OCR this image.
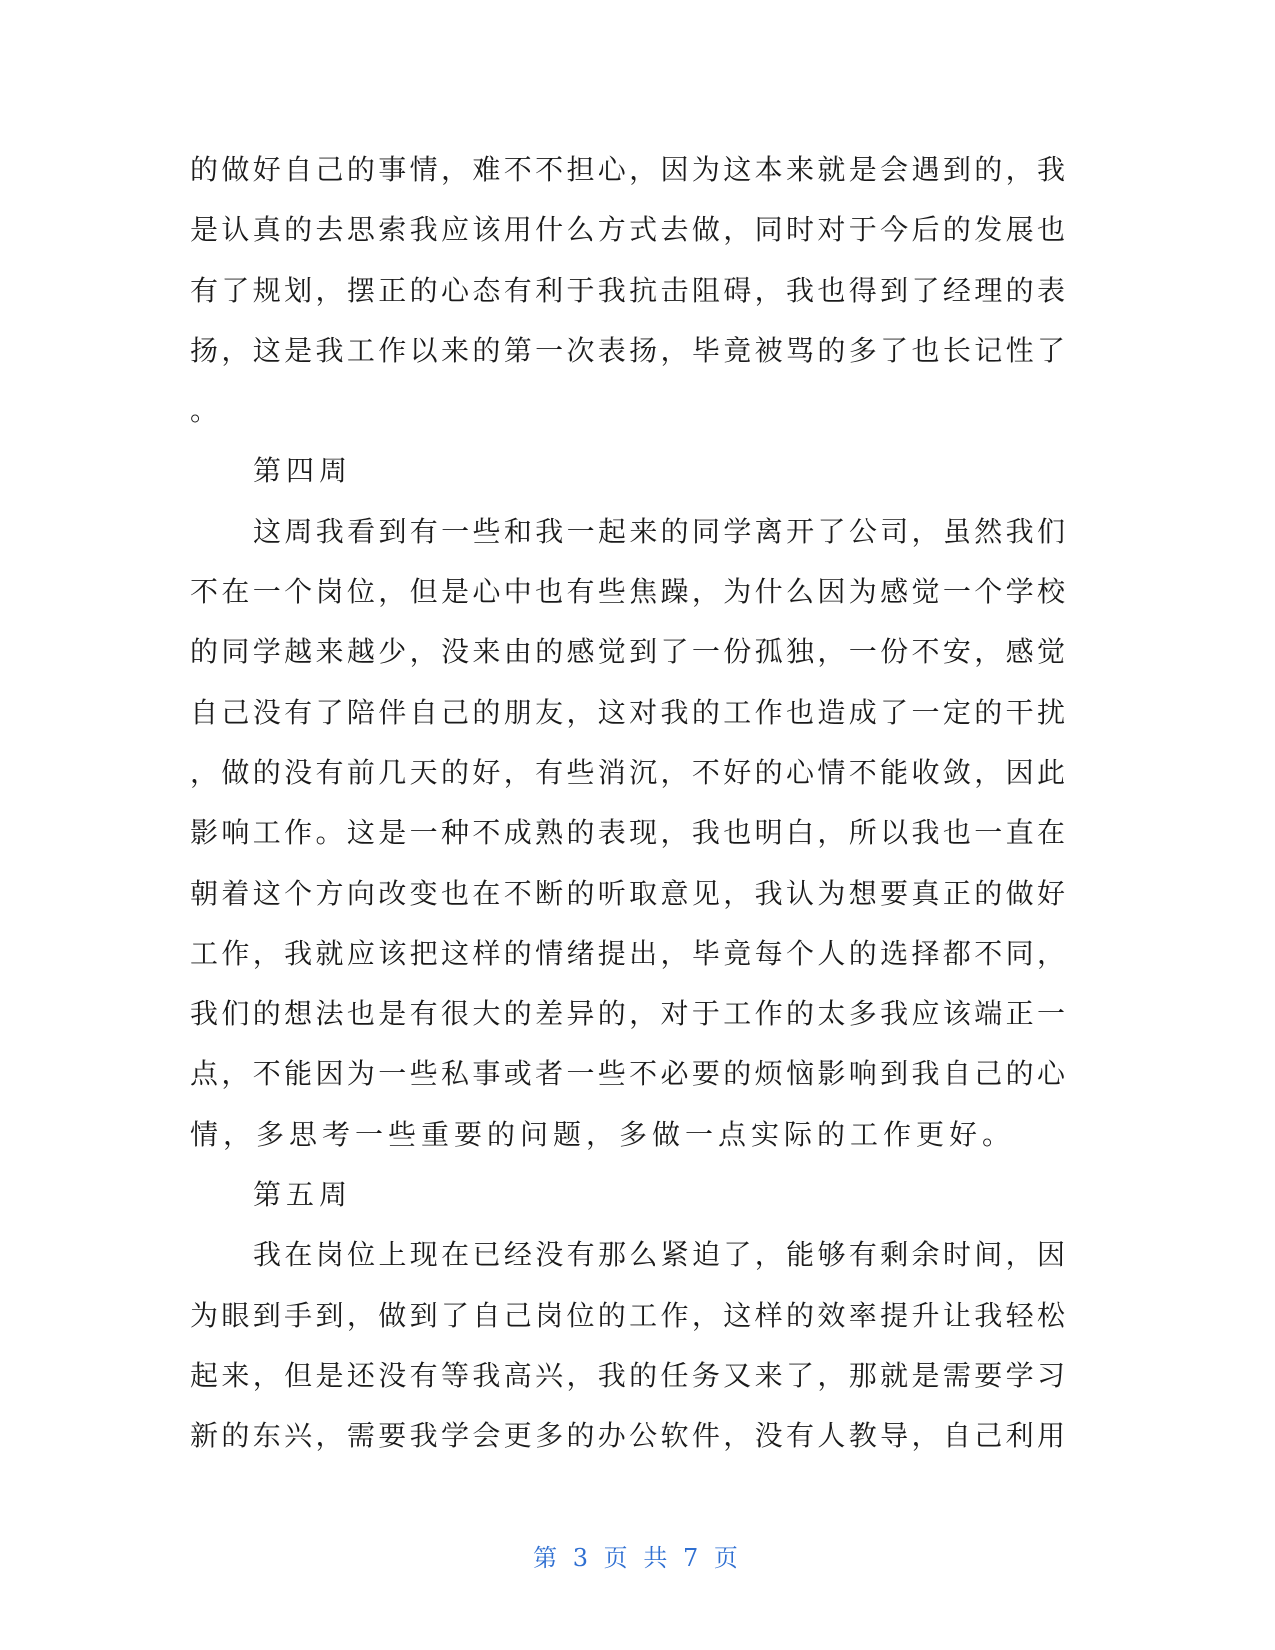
的做好自己的事情，难不不担心，因为这本来就是会遇到的，我
是认真的去思索我应该用什么方式去做，同时对于今后的发展也
有了规划，摆正的心态有利于我抗击阻碍，我也得到了经理的表
扬，这是我工作以来的第一次表扬，毕竟被骂的多了也长记性了
。
第四周
这周我看到有一些和我一起来的同学离开了公司，虽然我们
不在一个岗位，但是心中也有些焦躁，为什么因为感觉一个学校
的同学越来越少，没来由的感觉到了一份孤独，一份不安，感觉
自己没有了陪伴自己的朋友，这对我的工作也造成了一定的干扰
，做的没有前几天的好，有些消沉，不好的心情不能收敛，因此
影响工作。这是一种不成熟的表现，我也明白，所以我也一直在
朝着这个方向改变也在不断的听取意见，我认为想要真正的做好
工作，我就应该把这样的情绪提出，毕竟每个人的选择都不同，
我们的想法也是有很大的差异的，对于工作的太多我应该端正一
点，不能因为一些私事或者一些不必要的烦恼影响到我自己的心
情，多思考一些重要的问题，多做一点实际的工作更好。
第五周
我在岗位上现在已经没有那么紧迫了，能够有剩余时间，因
为眼到手到，做到了自己岗位的工作，这样的效率提升让我轻松
起来，但是还没有等我高兴，我的任务又来了，那就是需要学习
新的东兴，需要我学会更多的办公软件，没有人教导，自己利用
第 3 页 共 7 页
